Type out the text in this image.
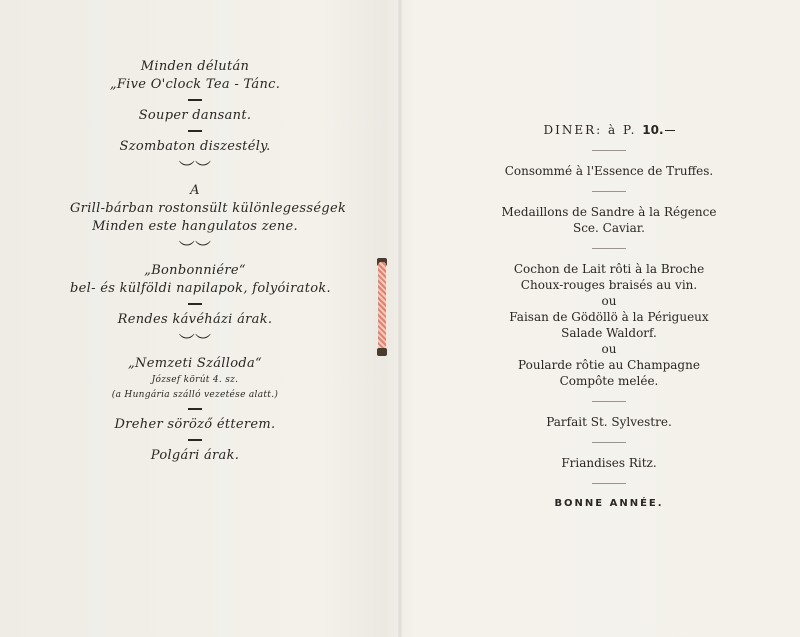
Minden délután
„Five O'clock Tea - Tánc.
Souper dansant.
Szombaton diszestély.
︶︶
A
Grill-bárban rostonsült különlegességek
Minden este hangulatos zene.
︶︶
„Bonbonniére“
bel- és külföldi napilapok, folyóiratok.
Rendes kávéházi árak.
︶︶
„Nemzeti Szálloda“
József körút 4. sz.
(a Hungária szálló vezetése alatt.)
Dreher söröző étterem.
Polgári árak.
DINER: à P. 10.
Consommé à l'Essence de Truffes.
Medaillons de Sandre à la Régence
Sce. Caviar.
Cochon de Lait rôti à la Broche
Choux-rouges braisés au vin.
ou
Faisan de Gödöllö à la Périgueux
Salade Waldorf.
ou
Poularde rôtie au Champagne
Compôte melée.
Parfait St. Sylvestre.
Friandises Ritz.
BONNE ANNÉE.
